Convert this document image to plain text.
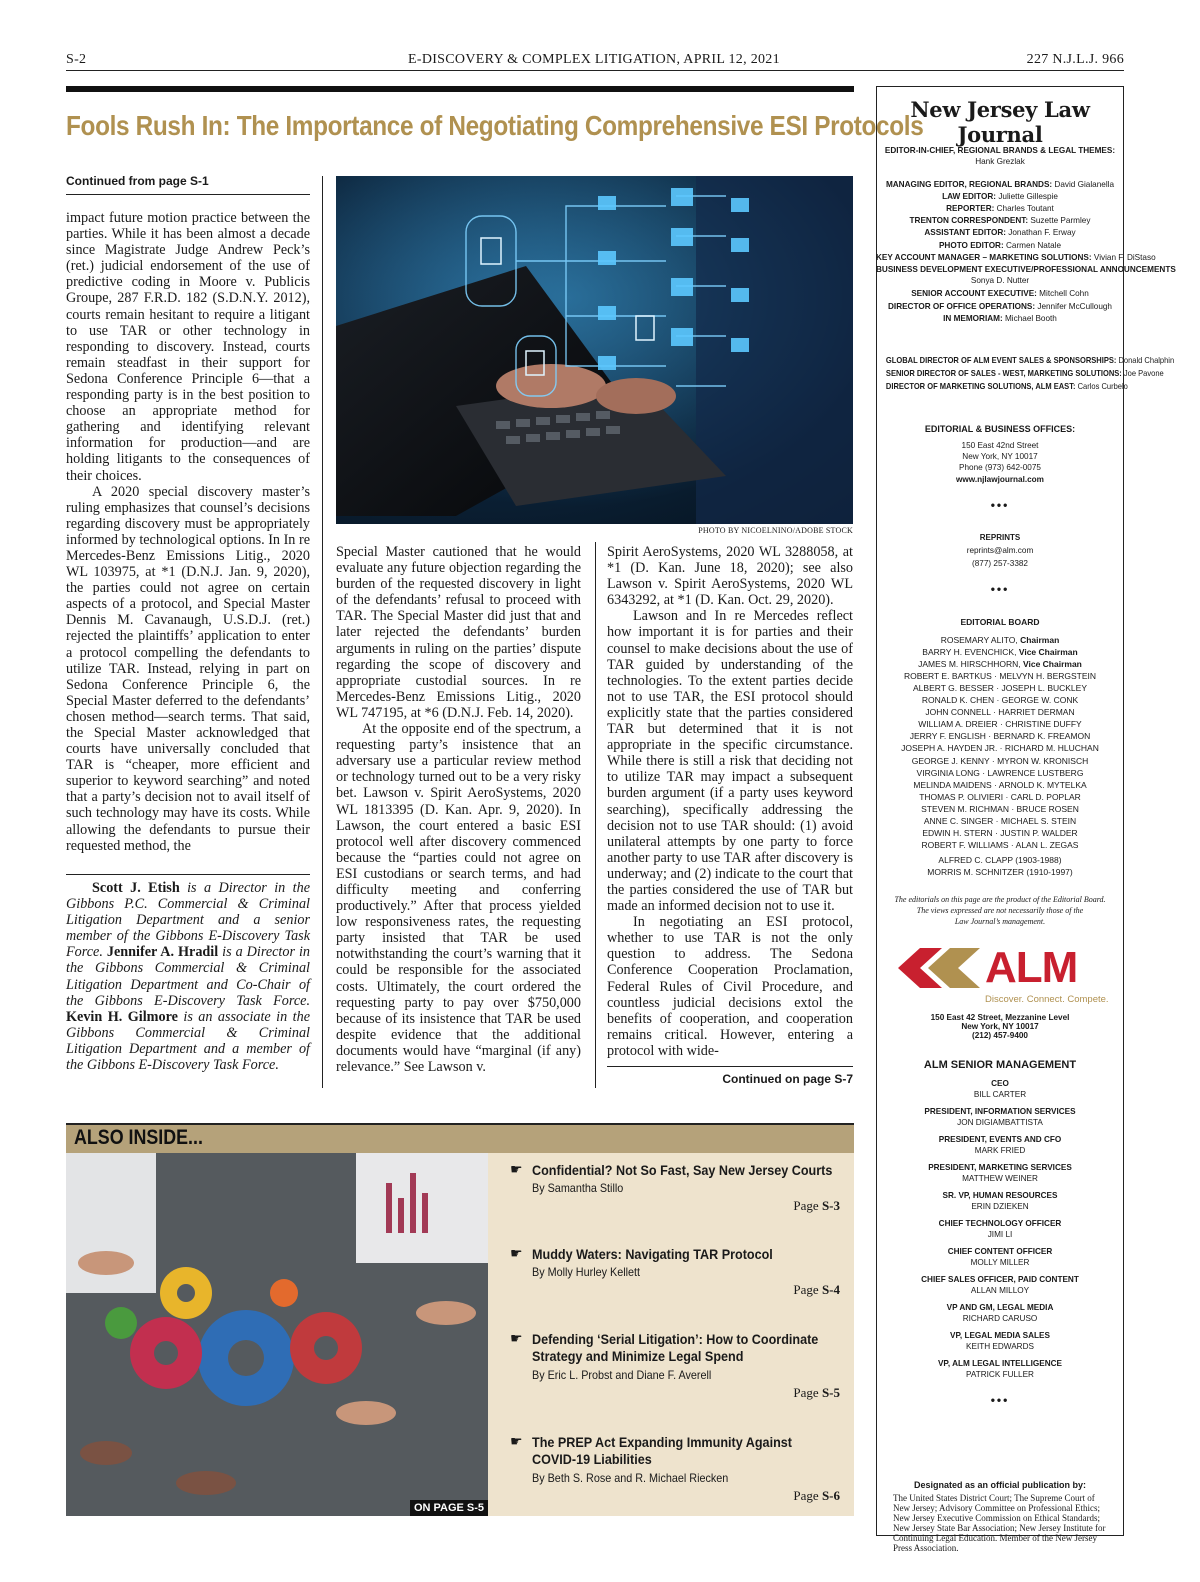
S-2	E-DISCOVERY & COMPLEX LITIGATION, APRIL 12, 2021	227 N.J.L.J. 966
Fools Rush In: The Importance of Negotiating Comprehensive ESI Protocols
Continued from page S-1

impact future motion practice between the parties. While it has been almost a decade since Magistrate Judge Andrew Peck’s (ret.) judicial endorsement of the use of predictive coding in Moore v. Publicis Groupe, 287 F.R.D. 182 (S.D.N.Y. 2012), courts remain hesitant to require a litigant to use TAR or other technology in responding to discovery. Instead, courts remain steadfast in their support for Sedona Conference Principle 6—that a responding party is in the best position to choose an appropriate method for gathering and identifying relevant information for production—and are holding litigants to the consequences of their choices.

A 2020 special discovery master’s ruling emphasizes that counsel’s decisions regarding discovery must be appropriately informed by technological options. In In re Mercedes-Benz Emissions Litig., 2020 WL 103975, at *1 (D.N.J. Jan. 9, 2020), the parties could not agree on certain aspects of a protocol, and Special Master Dennis M. Cavanaugh, U.S.D.J. (ret.) rejected the plaintiffs’ application to enter a protocol compelling the defendants to utilize TAR. Instead, relying in part on Sedona Conference Principle 6, the Special Master deferred to the defendants’ chosen method—search terms. That said, the Special Master acknowledged that courts have universally concluded that TAR is “cheaper, more efficient and superior to keyword searching” and noted that a party’s decision not to avail itself of such technology may have its costs. While allowing the defendants to pursue their requested method, the

Scott J. Etish is a Director in the Gibbons P.C. Commercial & Criminal Litigation Department and a senior member of the Gibbons E-Discovery Task Force. Jennifer A. Hradil is a Director in the Gibbons Commercial & Criminal Litigation Department and Co-Chair of the Gibbons E-Discovery Task Force. Kevin H. Gilmore is an associate in the Gibbons Commercial & Criminal Litigation Department and a member of the Gibbons E-Discovery Task Force.
PHOTO BY NICOELNINO/ADOBE STOCK

Special Master cautioned that he would evaluate any future objection regarding the burden of the requested discovery in light of the defendants’ refusal to proceed with TAR. The Special Master did just that and later rejected the defendants’ burden arguments in ruling on the parties’ dispute regarding the scope of discovery and appropriate custodial sources. In re Mercedes-Benz Emissions Litig., 2020 WL 747195, at *6 (D.N.J. Feb. 14, 2020).

At the opposite end of the spectrum, a requesting party’s insistence that an adversary use a particular review method or technology turned out to be a very risky bet. Lawson v. Spirit AeroSystems, 2020 WL 1813395 (D. Kan. Apr. 9, 2020). In Lawson, the court entered a basic ESI protocol well after discovery commenced because the “parties could not agree on ESI custodians or search terms, and had difficulty meeting and conferring productively.” After that process yielded low responsiveness rates, the requesting party insisted that TAR be used notwithstanding the court’s warning that it could be responsible for the associated costs. Ultimately, the court ordered the requesting party to pay over $750,000 because of its insistence that TAR be used despite evidence that the additional documents would have “marginal (if any) relevance.” See Lawson v.

Spirit AeroSystems, 2020 WL 3288058, at *1 (D. Kan. June 18, 2020); see also Lawson v. Spirit AeroSystems, 2020 WL 6343292, at *1 (D. Kan. Oct. 29, 2020).

Lawson and In re Mercedes reflect how important it is for parties and their counsel to make decisions about the use of TAR guided by understanding of the technologies. To the extent parties decide not to use TAR, the ESI protocol should explicitly state that the parties considered TAR but determined that it is not appropriate in the specific circumstance. While there is still a risk that deciding not to utilize TAR may impact a subsequent burden argument (if a party uses keyword searching), specifically addressing the decision not to use TAR should: (1) avoid unilateral attempts by one party to force another party to use TAR after discovery is underway; and (2) indicate to the court that the parties considered the use of TAR but made an informed decision not to use it.

In negotiating an ESI protocol, whether to use TAR is not the only question to address. The Sedona Conference Cooperation Proclamation, Federal Rules of Civil Procedure, and countless judicial decisions extol the benefits of cooperation, and cooperation remains critical. However, entering a protocol with wide-

Continued on page S-7
ALSO INSIDE...
ON PAGE S-5
☛ Confidential? Not So Fast, Say New Jersey Courts
By Samantha Stillo
Page S-3
☛ Muddy Waters: Navigating TAR Protocol
By Molly Hurley Kellett
Page S-4
☛ Defending ‘Serial Litigation’: How to Coordinate Strategy and Minimize Legal Spend
By Eric L. Probst and Diane F. Averell
Page S-5
☛ The PREP Act Expanding Immunity Against COVID-19 Liabilities
By Beth S. Rose and R. Michael Riecken
Page S-6
New Jersey Law Journal
EDITOR-IN-CHIEF, REGIONAL BRANDS & LEGAL THEMES:
Hank Grezlak
MANAGING EDITOR, REGIONAL BRANDS: David Gialanella
LAW EDITOR: Juliette Gillespie
REPORTER: Charles Toutant
TRENTON CORRESPONDENT: Suzette Parmley
ASSISTANT EDITOR: Jonathan F. Erway
PHOTO EDITOR: Carmen Natale
KEY ACCOUNT MANAGER – MARKETING SOLUTIONS: Vivian F. DiStaso
BUSINESS DEVELOPMENT EXECUTIVE/PROFESSIONAL ANNOUNCEMENTS
Sonya D. Nutter
SENIOR ACCOUNT EXECUTIVE: Mitchell Cohn
DIRECTOR OF OFFICE OPERATIONS: Jennifer McCullough
IN MEMORIAM: Michael Booth
GLOBAL DIRECTOR OF ALM EVENT SALES & SPONSORSHIPS: Donald Chalphin
SENIOR DIRECTOR OF SALES - WEST, MARKETING SOLUTIONS: Joe Pavone
DIRECTOR OF MARKETING SOLUTIONS, ALM EAST: Carlos Curbelo
EDITORIAL & BUSINESS OFFICES:
150 East 42nd Street
New York, NY 10017
Phone (973) 642-0075
www.njlawjournal.com
•••
REPRINTS
reprints@alm.com
(877) 257-3382
•••
EDITORIAL BOARD
ROSEMARY ALITO, Chairman
BARRY H. EVENCHICK, Vice Chairman
JAMES M. HIRSCHHORN, Vice Chairman
ROBERT E. BARTKUS · MELVYN H. BERGSTEIN
ALBERT G. BESSER · JOSEPH L. BUCKLEY
RONALD K. CHEN · GEORGE W. CONK
JOHN CONNELL · HARRIET DERMAN
WILLIAM A. DREIER · CHRISTINE DUFFY
JERRY F. ENGLISH · BERNARD K. FREAMON
JOSEPH A. HAYDEN JR. · RICHARD M. HLUCHAN
GEORGE J. KENNY · MYRON W. KRONISCH
VIRGINIA LONG · LAWRENCE LUSTBERG
MELINDA MAIDENS · ARNOLD K. MYTELKA
THOMAS P. OLIVIERI · CARL D. POPLAR
STEVEN M. RICHMAN · BRUCE ROSEN
ANNE C. SINGER · MICHAEL S. STEIN
EDWIN H. STERN · JUSTIN P. WALDER
ROBERT F. WILLIAMS · ALAN L. ZEGAS
ALFRED C. CLAPP (1903-1988)
MORRIS M. SCHNITZER (1910-1997)
The editorials on this page are the product of the Editorial Board.
The views expressed are not necessarily those of the
Law Journal’s management.
ALM
Discover. Connect. Compete.
150 East 42 Street, Mezzanine Level
New York, NY 10017
(212) 457-9400
ALM SENIOR MANAGEMENT
CEO
BILL CARTER
PRESIDENT, INFORMATION SERVICES
JON DIGIAMBATTISTA
PRESIDENT, EVENTS AND CFO
MARK FRIED
PRESIDENT, MARKETING SERVICES
MATTHEW WEINER
SR. VP, HUMAN RESOURCES
ERIN DZIEKEN
CHIEF TECHNOLOGY OFFICER
JIMI LI
CHIEF CONTENT OFFICER
MOLLY MILLER
CHIEF SALES OFFICER, PAID CONTENT
ALLAN MILLOY
VP AND GM, LEGAL MEDIA
RICHARD CARUSO
VP, LEGAL MEDIA SALES
KEITH EDWARDS
VP, ALM LEGAL INTELLIGENCE
PATRICK FULLER
•••
Designated as an official publication by:
The United States District Court; The Supreme Court of New Jersey; Advisory Committee on Professional Ethics; New Jersey Executive Commission on Ethical Standards; New Jersey State Bar Association; New Jersey Institute for Continuing Legal Education. Member of the New Jersey Press Association.
